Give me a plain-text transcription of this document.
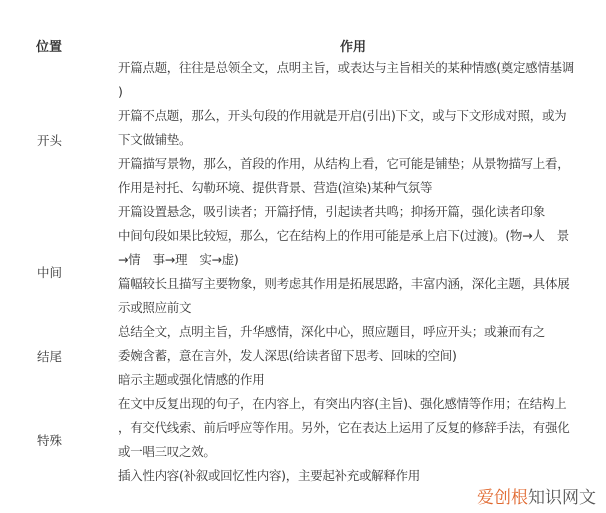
位置	作用
开头
开篇点题，往往是总领全文，点明主旨，或表达与主旨相关的某种情感(奠定感情基调
)
开篇不点题，那么，开头句段的作用就是开启(引出)下文，或与下文形成对照，或为
下文做铺垫。
开篇描写景物，那么，首段的作用，从结构上看，它可能是铺垫；从景物描写上看，
作用是衬托、勾勒环境、提供背景、营造(渲染)某种气氛等
开篇设置悬念，吸引读者；开篇抒情，引起读者共鸣；抑扬开篇，强化读者印象
中间
中间句段如果比较短，那么，它在结构上的作用可能是承上启下(过渡)。(物→人　景
→情　事→理　实→虚)
篇幅较长且描写主要物象，则考虑其作用是拓展思路，丰富内涵，深化主题，具体展
示或照应前文
结尾
总结全文，点明主旨，升华感情，深化中心，照应题目，呼应开头；或兼而有之
委婉含蓄，意在言外，发人深思(给读者留下思考、回味的空间)
暗示主题或强化情感的作用
特殊
在文中反复出现的句子，在内容上，有突出内容(主旨)、强化感情等作用；在结构上
，有交代线索、前后呼应等作用。另外，它在表达上运用了反复的修辞手法，有强化
或一唱三叹之效。
插入性内容(补叙或回忆性内容)，主要起补充或解释作用
爱创根知识网文
